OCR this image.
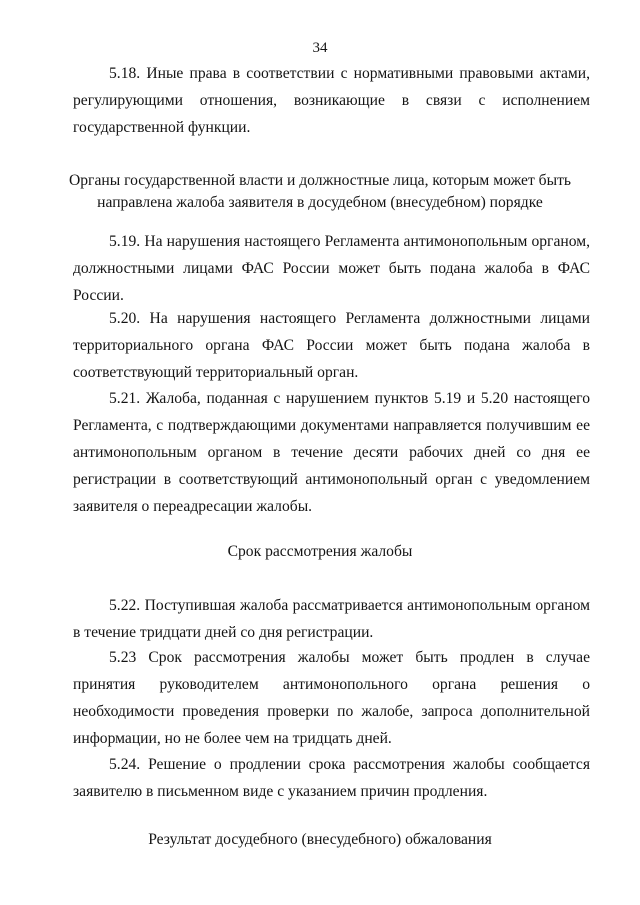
34

5.18. Иные права в соответствии с нормативными правовыми актами, регулирующими отношения, возникающие в связи с исполнением государственной функции.

Органы государственной власти и должностные лица, которым может быть направлена жалоба заявителя в досудебном (внесудебном) порядке

5.19. На нарушения настоящего Регламента антимонопольным органом, должностными лицами ФАС России может быть подана жалоба в ФАС России.

5.20. На нарушения настоящего Регламента должностными лицами территориального органа ФАС России может быть подана жалоба в соответствующий территориальный орган.

5.21. Жалоба, поданная с нарушением пунктов 5.19 и 5.20 настоящего Регламента, с подтверждающими документами направляется получившим ее антимонопольным органом в течение десяти рабочих дней со дня ее регистрации в соответствующий антимонопольный орган с уведомлением заявителя о переадресации жалобы.

Срок рассмотрения жалобы

5.22. Поступившая жалоба рассматривается антимонопольным органом в течение тридцати дней со дня регистрации.

5.23 Срок рассмотрения жалобы может быть продлен в случае принятия руководителем антимонопольного органа решения о необходимости проведения проверки по жалобе, запроса дополнительной информации, но не более чем на тридцать дней.

5.24. Решение о продлении срока рассмотрения жалобы сообщается заявителю в письменном виде с указанием причин продления.

Результат досудебного (внесудебного) обжалования
